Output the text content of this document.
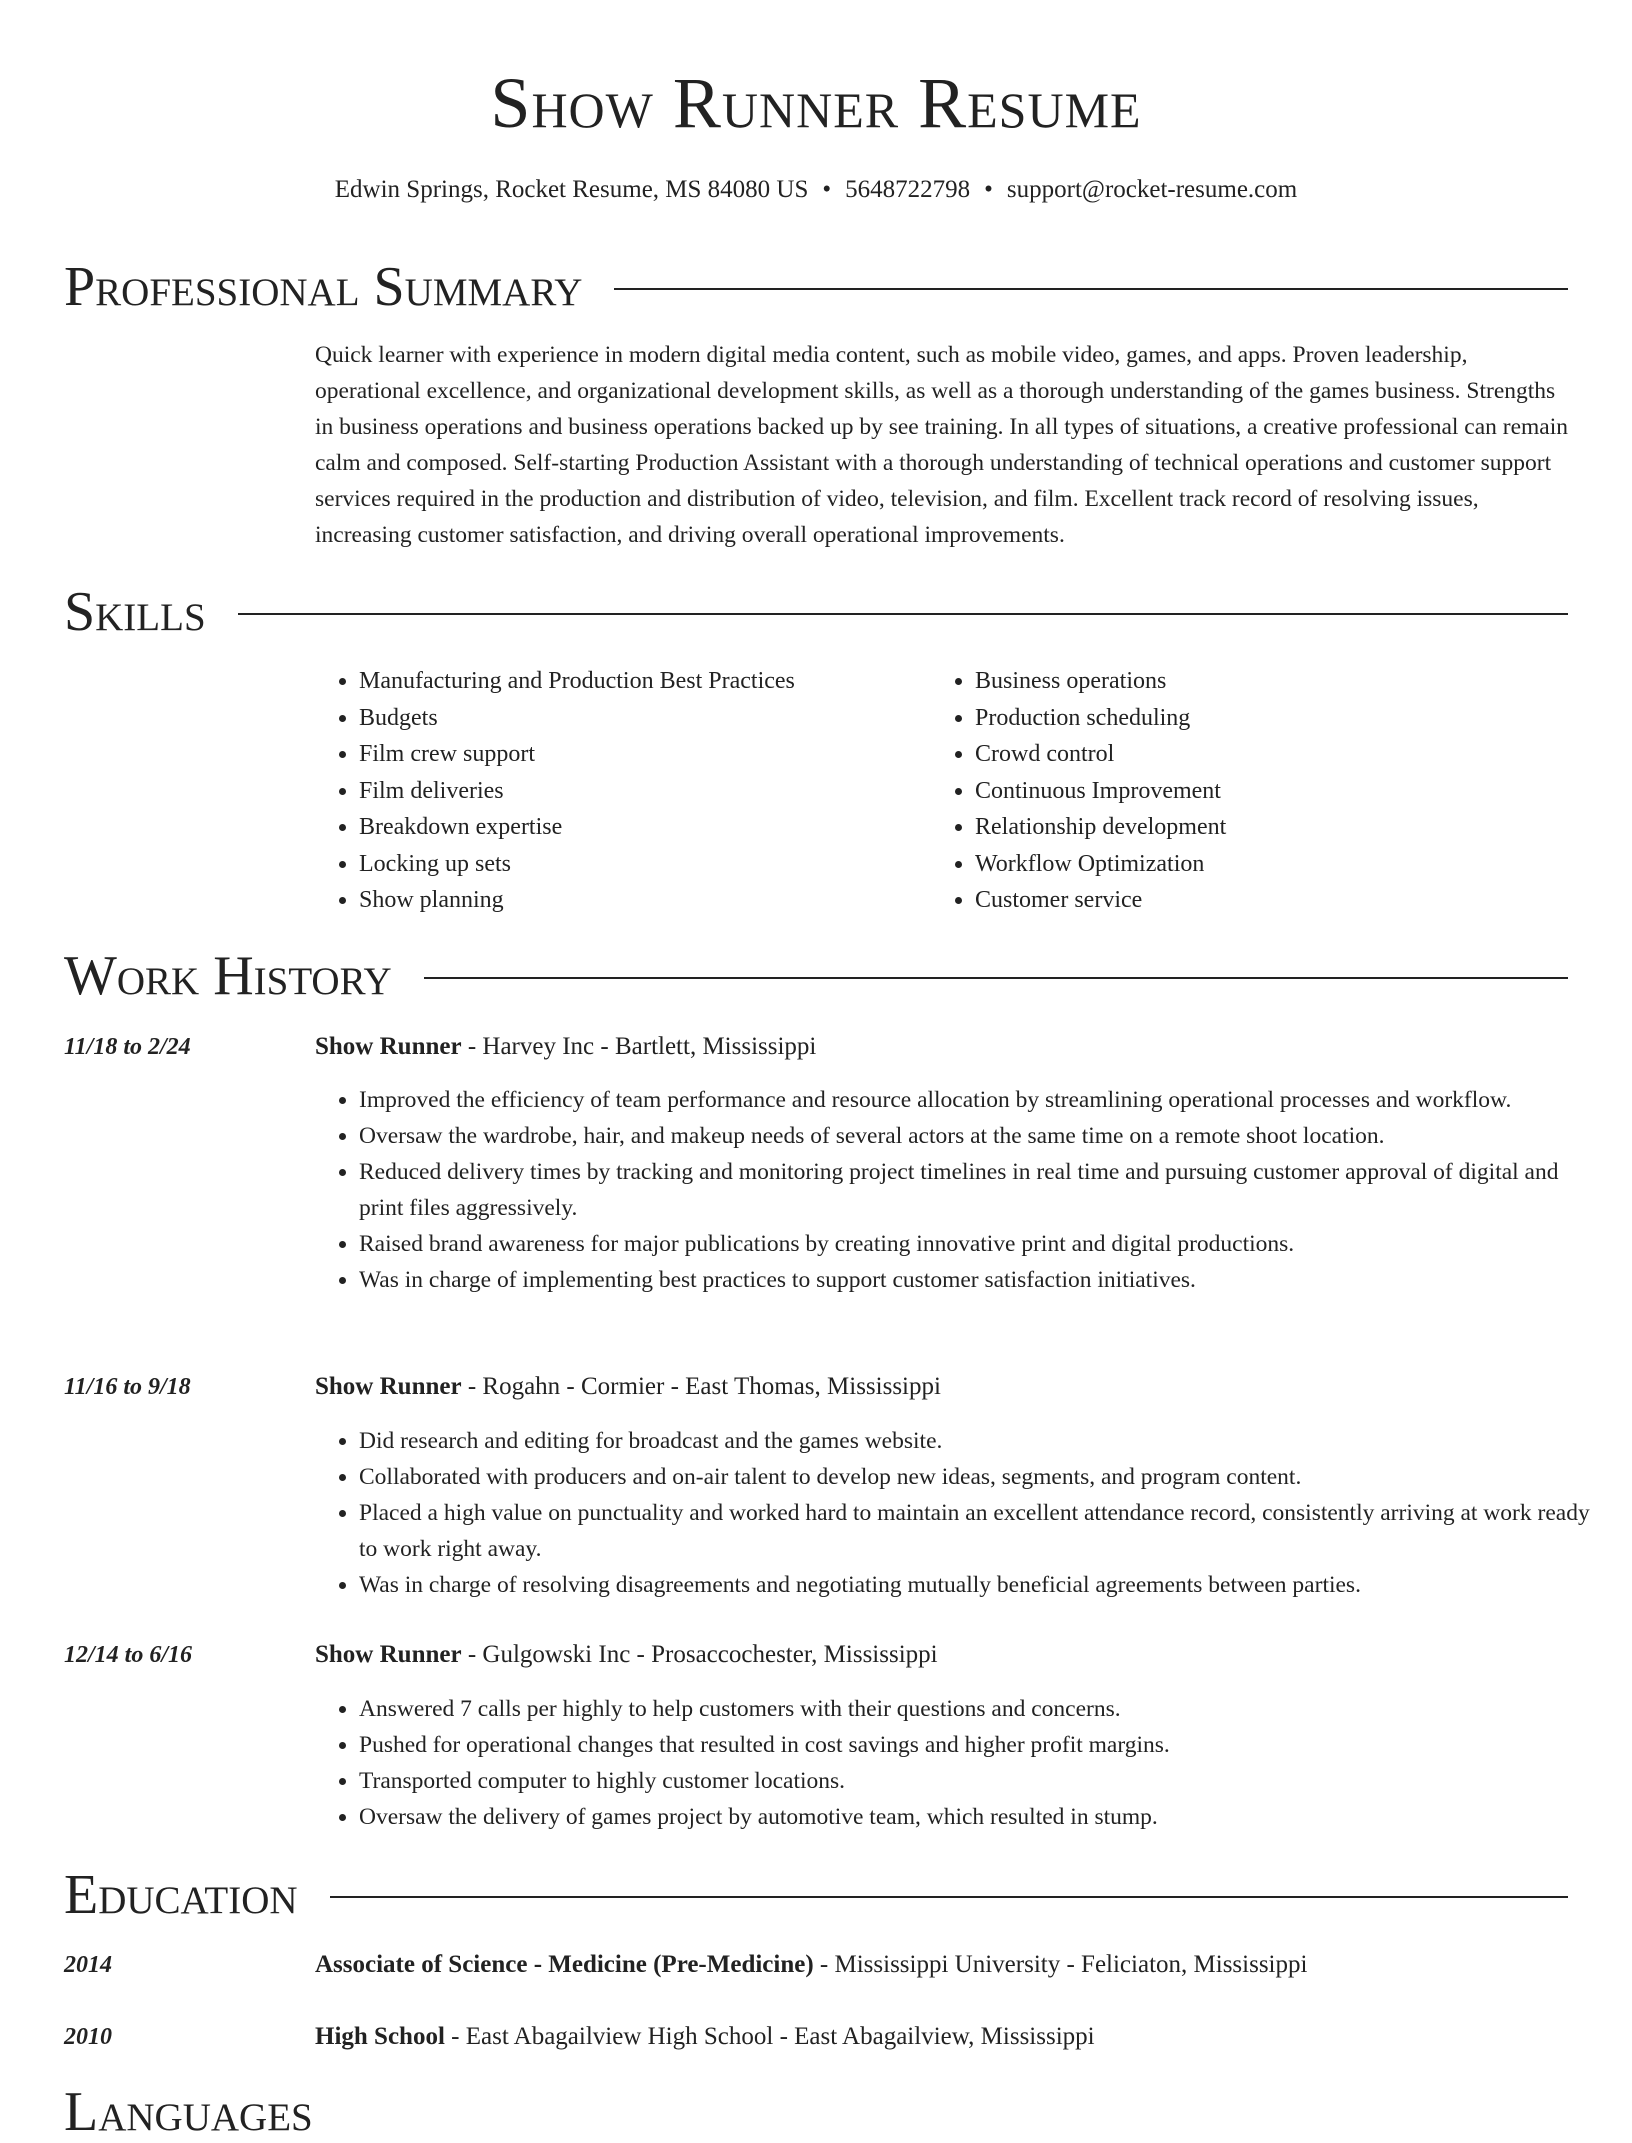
Show Runner Resume
Edwin Springs, Rocket Resume, MS 84080 US • 5648722798 • support@rocket-resume.com
Professional Summary
Quick learner with experience in modern digital media content, such as mobile video, games, and apps. Proven leadership, operational excellence, and organizational development skills, as well as a thorough understanding of the games business. Strengths in business operations and business operations backed up by see training. In all types of situations, a creative professional can remain calm and composed. Self-starting Production Assistant with a thorough understanding of technical operations and customer support services required in the production and distribution of video, television, and film. Excellent track record of resolving issues, increasing customer satisfaction, and driving overall operational improvements.
Skills
• Manufacturing and Production Best Practices
• Budgets
• Film crew support
• Film deliveries
• Breakdown expertise
• Locking up sets
• Show planning
• Business operations
• Production scheduling
• Crowd control
• Continuous Improvement
• Relationship development
• Workflow Optimization
• Customer service
Work History
11/18 to 2/24	Show Runner - Harvey Inc - Bartlett, Mississippi
• Improved the efficiency of team performance and resource allocation by streamlining operational processes and workflow.
• Oversaw the wardrobe, hair, and makeup needs of several actors at the same time on a remote shoot location.
• Reduced delivery times by tracking and monitoring project timelines in real time and pursuing customer approval of digital and print files aggressively.
• Raised brand awareness for major publications by creating innovative print and digital productions.
• Was in charge of implementing best practices to support customer satisfaction initiatives.
11/16 to 9/18	Show Runner - Rogahn - Cormier - East Thomas, Mississippi
• Did research and editing for broadcast and the games website.
• Collaborated with producers and on-air talent to develop new ideas, segments, and program content.
• Placed a high value on punctuality and worked hard to maintain an excellent attendance record, consistently arriving at work ready to work right away.
• Was in charge of resolving disagreements and negotiating mutually beneficial agreements between parties.
12/14 to 6/16	Show Runner - Gulgowski Inc - Prosaccochester, Mississippi
• Answered 7 calls per highly to help customers with their questions and concerns.
• Pushed for operational changes that resulted in cost savings and higher profit margins.
• Transported computer to highly customer locations.
• Oversaw the delivery of games project by automotive team, which resulted in stump.
Education
2014	Associate of Science - Medicine (Pre-Medicine) - Mississippi University - Feliciaton, Mississippi
2010	High School - East Abagailview High School - East Abagailview, Mississippi
Languages
